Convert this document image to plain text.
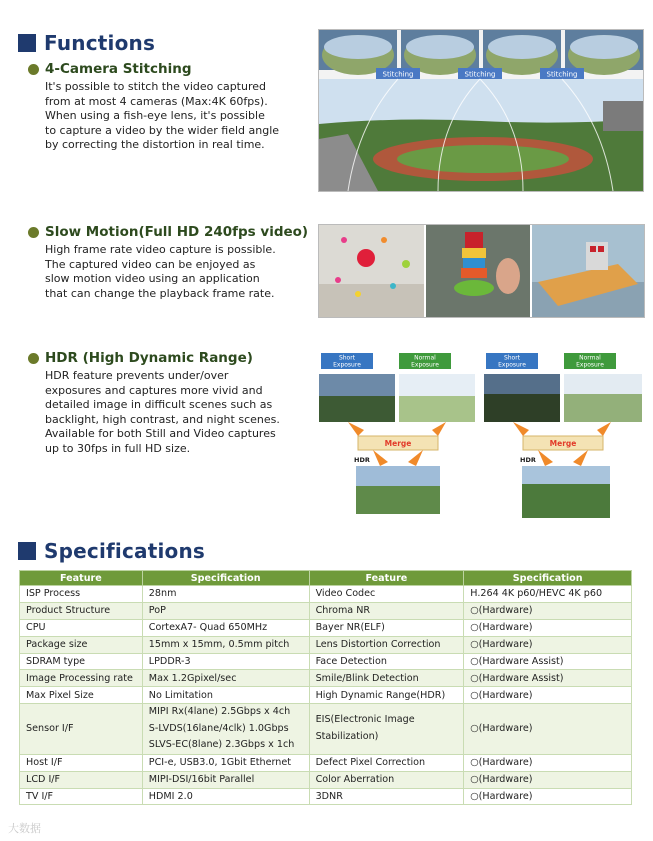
Functions
4-Camera Stitching
It's possible to stitch the video captured
from at most 4 cameras (Max:4K 60fps).
When using a fish-eye lens, it's possible
to capture a video by the wider field angle
by correcting the distortion in real time.
Slow Motion(Full HD 240fps video)
High frame rate video capture is possible.
The captured video can be enjoyed as
slow motion video using an application
that can change the playback frame rate.
HDR (High Dynamic Range)
HDR feature prevents under/over
exposures and captures more vivid and
detailed image in difficult scenes such as
backlight, high contrast, and night scenes.
Available for both Still and Video captures
up to 30fps in full HD size.
Stitching	Stitching	Stitching
Short
Exposure
Normal
Exposure
Merge
HDR
Short
Exposure
Normal
Exposure
Merge
HDR
Specifications
Feature	Specification	Feature	Specification
ISP Process	28nm	Video Codec	H.264 4K p60/HEVC 4K p60
Product Structure	PoP	Chroma NR	○(Hardware)
CPU	CortexA7- Quad 650MHz	Bayer NR(ELF)	○(Hardware)
Package size	15mm x 15mm, 0.5mm pitch	Lens Distortion Correction	○(Hardware)
SDRAM type	LPDDR-3	Face Detection	○(Hardware Assist)
Image Processing rate	Max 1.2Gpixel/sec	Smile/Blink Detection	○(Hardware Assist)
Max Pixel Size	No Limitation	High Dynamic Range(HDR)	○(Hardware)
Sensor I/F	MIPI Rx(4lane) 2.5Gbps x 4ch
S-LVDS(16lane/4clk) 1.0Gbps
SLVS-EC(8lane) 2.3Gbps x 1ch	EIS(Electronic Image
Stabilization)	○(Hardware)
Host I/F	PCI-e, USB3.0, 1Gbit Ethernet	Defect Pixel Correction	○(Hardware)
LCD I/F	MIPI-DSI/16bit Parallel	Color Aberration	○(Hardware)
TV I/F	HDMI 2.0	3DNR	○(Hardware)
大数据
